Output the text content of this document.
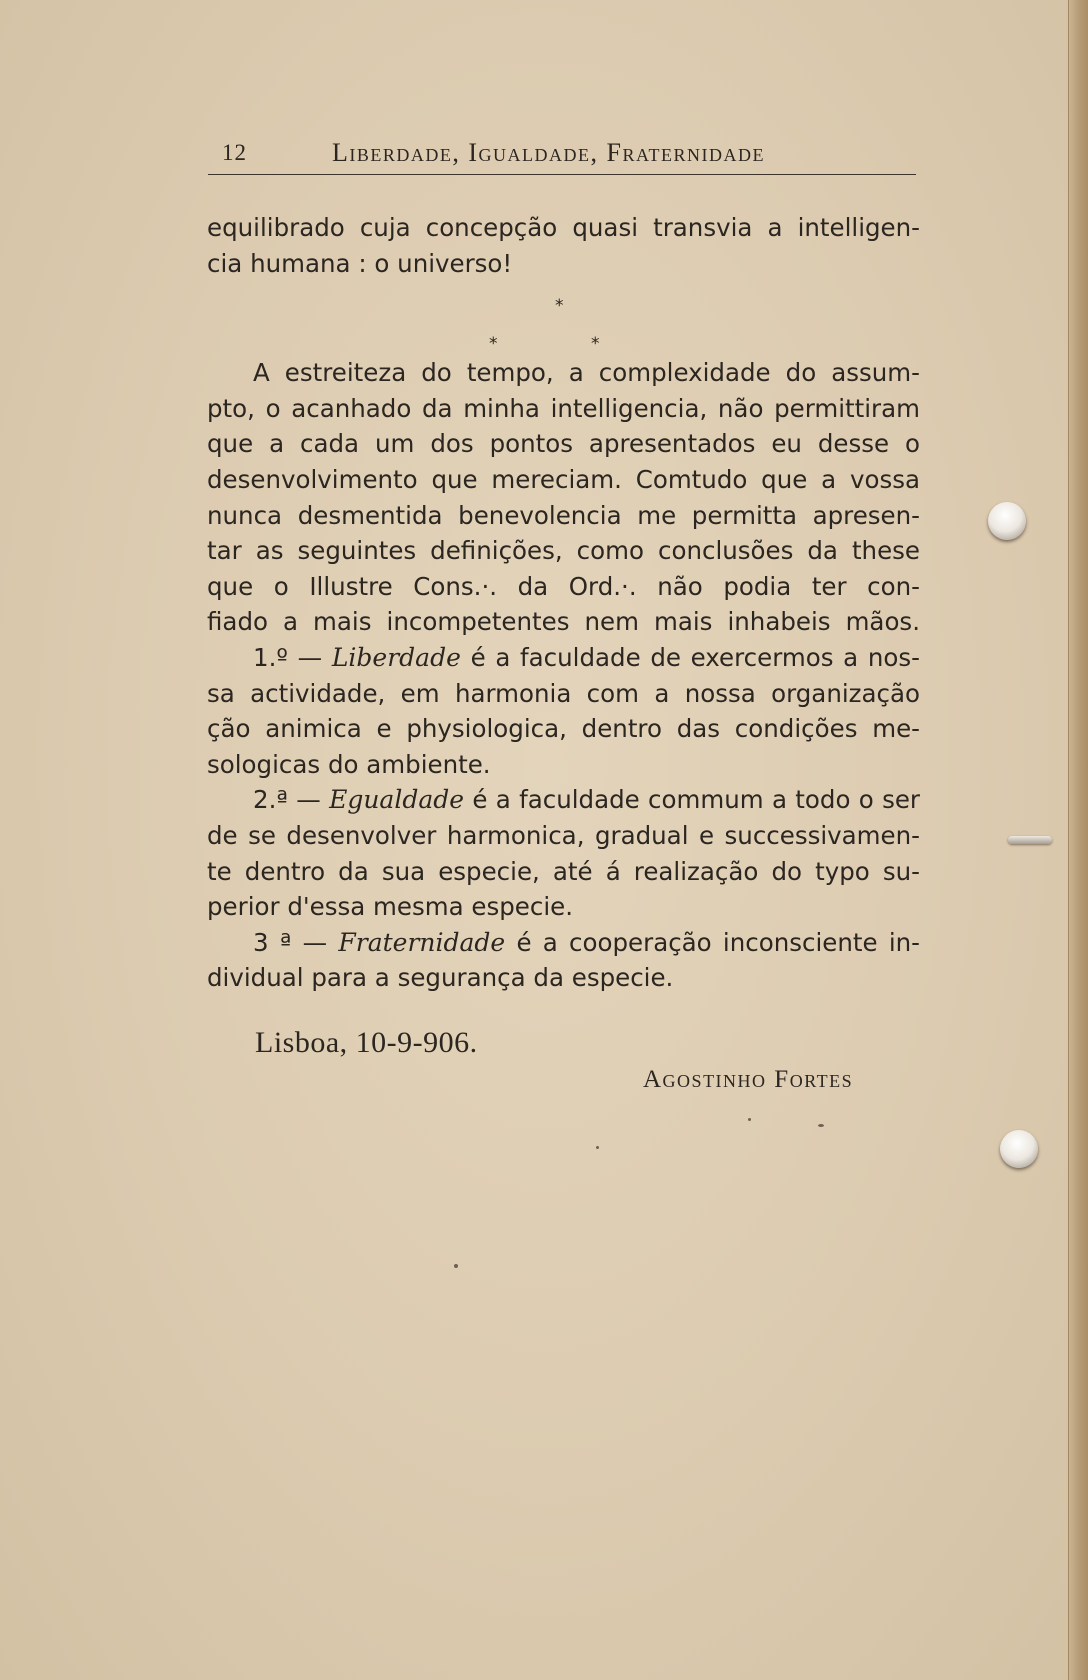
12	Liberdade, Igualdade, Fraternidade
equilibrado cuja concepção quasi transvia a intelligen-
cia humana : o universo!
*
*	*
A estreiteza do tempo, a complexidade do assum-
pto, o acanhado da minha intelligencia, não permittiram
que a cada um dos pontos apresentados eu desse o
desenvolvimento que mereciam. Comtudo que a vossa
nunca desmentida benevolencia me permitta apresen-
tar as seguintes definições, como conclusões da these
que o Illustre Cons.·. da Ord.·. não podia ter con-
fiado a mais incompetentes nem mais inhabeis mãos.
1.º — Liberdade é a faculdade de exercermos a nos-
sa actividade, em harmonia com a nossa organização
ção animica e physiologica, dentro das condições me-
sologicas do ambiente.
2.ª — Egualdade é a faculdade commum a todo o ser
de se desenvolver harmonica, gradual e successivamen-
te dentro da sua especie, até á realização do typo su-
perior d'essa mesma especie.
3 ª — Fraternidade é a cooperação inconsciente in-
dividual para a segurança da especie.
Lisboa, 10-9-906.
Agostinho Fortes
